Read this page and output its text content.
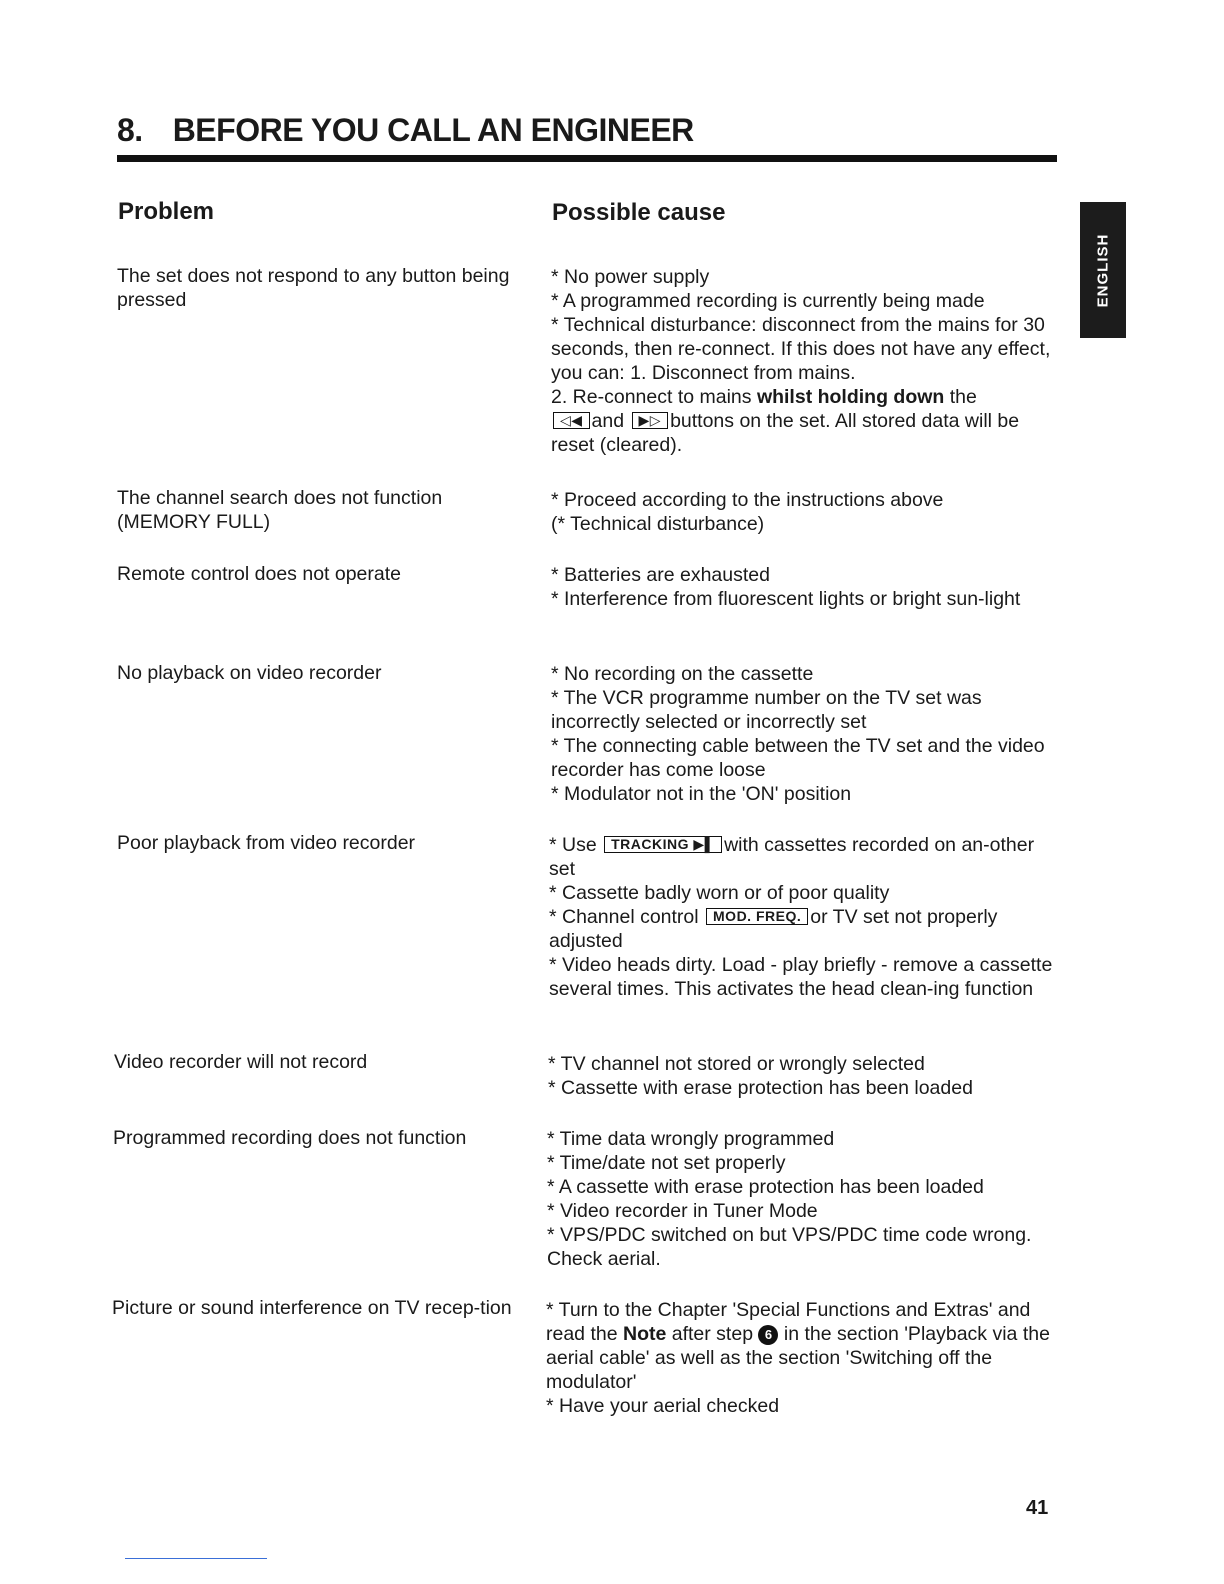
8. BEFORE YOU CALL AN ENGINEER
ENGLISH
Problem	Possible cause

The set does not respond to any button being pressed

* No power supply
* A programmed recording is currently being made
* Technical disturbance: disconnect from the mains for 30 seconds, then re-connect. If this does not have any effect, you can: 1. Disconnect from mains.
2. Re-connect to mains whilst holding down the
◁◀ and ▶▷ buttons on the set. All stored data will be reset (cleared).

The channel search does not function (MEMORY FULL)

* Proceed according to the instructions above
(* Technical disturbance)

Remote control does not operate	* Batteries are exhausted
* Interference from fluorescent lights or bright sun-light

No playback on video recorder	* No recording on the cassette
* The VCR programme number on the TV set was incorrectly selected or incorrectly set
* The connecting cable between the TV set and the video recorder has come loose
* Modulator not in the 'ON' position

Poor playback from video recorder	* Use TRACKING ▶▌ with cassettes recorded on an-other set
* Cassette badly worn or of poor quality
* Channel control MOD. FREQ. or TV set not properly adjusted
* Video heads dirty. Load - play briefly - remove a cassette several times. This activates the head clean-ing function

Video recorder will not record	* TV channel not stored or wrongly selected
* Cassette with erase protection has been loaded

Programmed recording does not function	* Time data wrongly programmed
* Time/date not set properly
* A cassette with erase protection has been loaded
* Video recorder in Tuner Mode
* VPS/PDC switched on but VPS/PDC time code wrong. Check aerial.

Picture or sound interference on TV recep-tion * Turn to the Chapter 'Special Functions and Extras' and read the Note after step 6 in the section 'Playback via the aerial cable' as well as the section 'Switching off the modulator'
* Have your aerial checked
41
